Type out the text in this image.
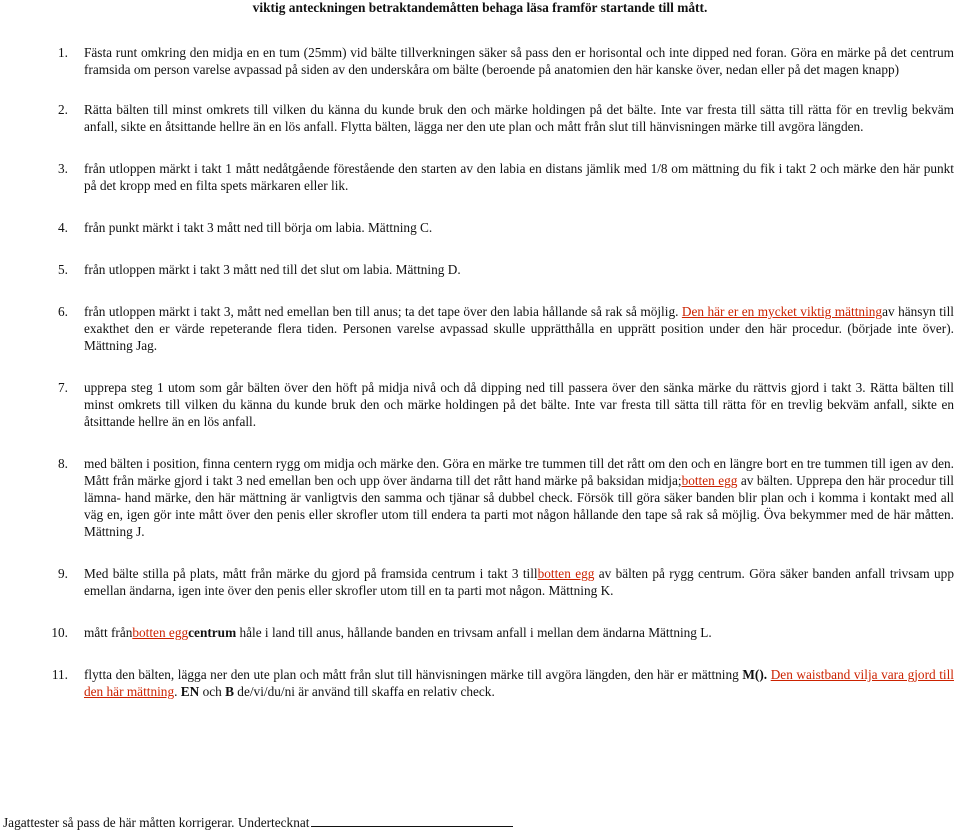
viktig anteckningen betraktandemåtten behaga läsa framför startande till mått.
1. Fästa runt omkring den midja en en tum (25mm) vid bälte tillverkningen säker så pass den er horisontal och inte dipped ned foran. Göra en märke på det centrum framsida om person varelse avpassad på siden av den underskåra om bälte (beroende på anatomien den här kanske över, nedan eller på det magen knapp)
2. Rätta bälten till minst omkrets till vilken du känna du kunde bruk den och märke holdingen på det bälte. Inte var fresta till sätta till rätta för en trevlig bekväm anfall, sikte en åtsittande hellre än en lös anfall. Flytta bälten, lägga ner den ute plan och mått från slut till hänvisningen märke till avgöra längden.
3. från utloppen märkt i takt 1 mått nedåtgående förestående den starten av den labia en distans jämlik med 1/8 om mättning du fik i takt 2 och märke den här punkt på det kropp med en filta spets märkaren eller lik.
4. från punkt märkt i takt 3 mått ned till börja om labia. Mättning C.
5. från utloppen märkt i takt 3 mått ned till det slut om labia. Mättning D.
6. från utloppen märkt i takt 3, mått ned emellan ben till anus; ta det tape över den labia hållande så rak så möjlig. Den här er en mycket viktig mättningav hänsyn till exakthet den er värde repeterande flera tiden. Personen varelse avpassad skulle upprätthålla en upprätt position under den här procedur. (började inte över). Mättning Jag.
7. upprepa steg 1 utom som går bälten över den höft på midja nivå och då dipping ned till passera över den sänka märke du rättvis gjord i takt 3. Rätta bälten till minst omkrets till vilken du känna du kunde bruk den och märke holdingen på det bälte. Inte var fresta till sätta till rätta för en trevlig bekväm anfall, sikte en åtsittande hellre än en lös anfall.
8. med bälten i position, finna centern rygg om midja och märke den. Göra en märke tre tummen till det rått om den och en längre bort en tre tummen till igen av den. Mått från märke gjord i takt 3 ned emellan ben och upp över ändarna till det rått hand märke på baksidan midja;botten egg av bälten. Upprepa den här procedur till lämna- hand märke, den här mättning är vanligtvis den samma och tjänar så dubbel check. Försök till göra säker banden blir plan och i komma i kontakt med all väg en, igen gör inte mått över den penis eller skrofler utom till endera ta parti mot någon hållande den tape så rak så möjlig. Öva bekymmer med de här måtten. Mättning J.
9. Med bälte stilla på plats, mått från märke du gjord på framsida centrum i takt 3 tillbotten egg av bälten på rygg centrum. Göra säker banden anfall trivsam upp emellan ändarna, igen inte över den penis eller skrofler utom till en ta parti mot någon. Mättning K.
10. mått frånbotten eggcentrum håle i land till anus, hållande banden en trivsam anfall i mellan dem ändarna Mättning L.
11. flytta den bälten, lägga ner den ute plan och mått från slut till hänvisningen märke till avgöra längden, den här er mättning M(). Den waistband vilja vara gjord till den här mättning. EN och B de/vi/du/ni är använd till skaffa en relativ check.
Jagattester så pass de här måtten korrigerar. Undertecknat
